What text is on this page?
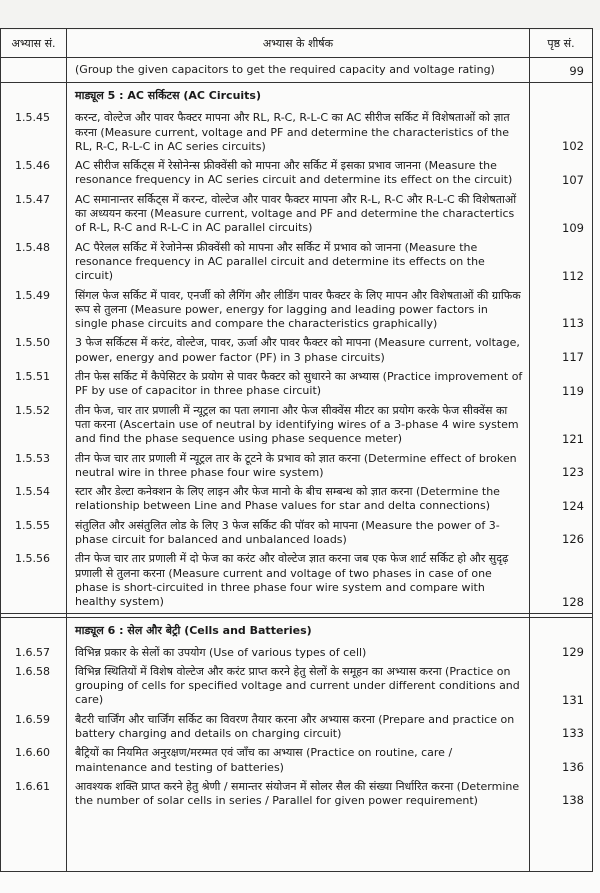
अभ्यास सं.	अभ्यास के शीर्षक	पृष्ठ सं.
	(Group the given capacitors to get the required capacity and voltage rating)	99
	माड्यूल 5 : AC सर्किटस (AC Circuits)	
1.5.45	करन्ट, वोल्टेज और पावर फैक्टर मापना और RL, R-C, R-L-C का AC सीरीज सर्किट में विशेषताओं को ज्ञात करना (Measure current, voltage and PF and determine the characteristics of the RL, R-C, R-L-C in AC series circuits)	102
1.5.46	AC सीरीज सर्किट्स में रेसोनेन्स फ्रीक्वेंसी को मापना और सर्किट में इसका प्रभाव जानना (Measure the resonance frequency in AC series circuit and determine its effect on the circuit)	107
1.5.47	AC समानान्तर सर्किट्स में करन्ट, वोल्टेज और पावर फैक्टर मापना और R-L, R-C और R-L-C की विशेषताओं का अध्ययन करना (Measure current, voltage and PF and determine the charactertics of R-L, R-C and R-L-C in AC parallel circuits)	109
1.5.48	AC पैरेलल सर्किट में रेजोनेन्स फ्रीक्वेंसी को मापना और सर्किट में प्रभाव को जानना (Measure the resonance frequency in AC parallel circuit and determine its effects on the circuit)	112
1.5.49	सिंगल फेज सर्किट में पावर, एनर्जी को लैगिंग और लीडिंग पावर फैक्टर के लिए मापन और विशेषताओं की ग्राफिक रूप से तुलना (Measure power, energy for lagging and leading power factors in single phase circuits and compare the characteristics graphically)	113
1.5.50	3 फेज सर्किटस में करंट, वोल्टेज, पावर, ऊर्जा और पावर फैक्टर को मापना (Measure current, voltage, power, energy and power factor (PF) in 3 phase circuits)	117
1.5.51	तीन फेस सर्किट में कैपेसिटर के प्रयोग से पावर फैक्टर को सुधारने का अभ्यास (Practice improvement of PF by use of capacitor in three phase circuit)	119
1.5.52	तीन फेज, चार तार प्रणाली में न्यूट्रल का पता लगाना और फेज सीक्वेंस मीटर का प्रयोग करके फेज सीक्वेंस का पता करना (Ascertain use of neutral by identifying wires of a 3-phase 4 wire system and find the phase sequence using phase sequence meter)	121
1.5.53	तीन फेज चार तार प्रणाली में न्यूट्रल तार के टूटने के प्रभाव को ज्ञात करना (Determine effect of broken neutral wire in three phase four wire system)	123
1.5.54	स्टार और डेल्टा कनेक्शन के लिए लाइन और फेज मानो के बीच सम्बन्ध को ज्ञात करना (Determine the relationship between Line and Phase values for star and delta connections)	124
1.5.55	संतुलित और असंतुलित लोड के लिए 3 फेज सर्किट की पॉवर को मापना (Measure the power of 3-phase circuit for balanced and unbalanced loads)	126
1.5.56	तीन फेज चार तार प्रणाली में दो फेज का करंट और वोल्टेज ज्ञात करना जब एक फेज शार्ट सर्किट हो और सुदृढ़ प्रणाली से तुलना करना (Measure current and voltage of two phases in case of one phase is short-circuited in three phase four wire system and compare with healthy system)	128

	माड्यूल 6 : सेल और बेट्री (Cells and Batteries)	
1.6.57	विभिन्न प्रकार के सेलों का उपयोग (Use of various types of cell)	129
1.6.58	विभिन्न स्थितियों में विशेष वोल्टेज और करंट प्राप्त करने हेतु सेलों के समूहन का अभ्यास करना (Practice on grouping of cells for specified voltage and current under different conditions and care)	131
1.6.59	बैटरी चार्जिंग और चार्जिंग सर्किट का विवरण तैयार करना और अभ्यास करना (Prepare and practice on battery charging and details on charging circuit)	133
1.6.60	बैट्रियों का नियमित अनुरक्षण/मरम्मत एवं जाँच का अभ्यास (Practice on routine, care / maintenance and testing of batteries)	136
1.6.61	आवश्यक शक्ति प्राप्त करने हेतु श्रेणी / समान्तर संयोजन में सोलर सैल की संख्या निर्धारित करना (Determine the number of solar cells in series / Parallel for given power requirement)	138
